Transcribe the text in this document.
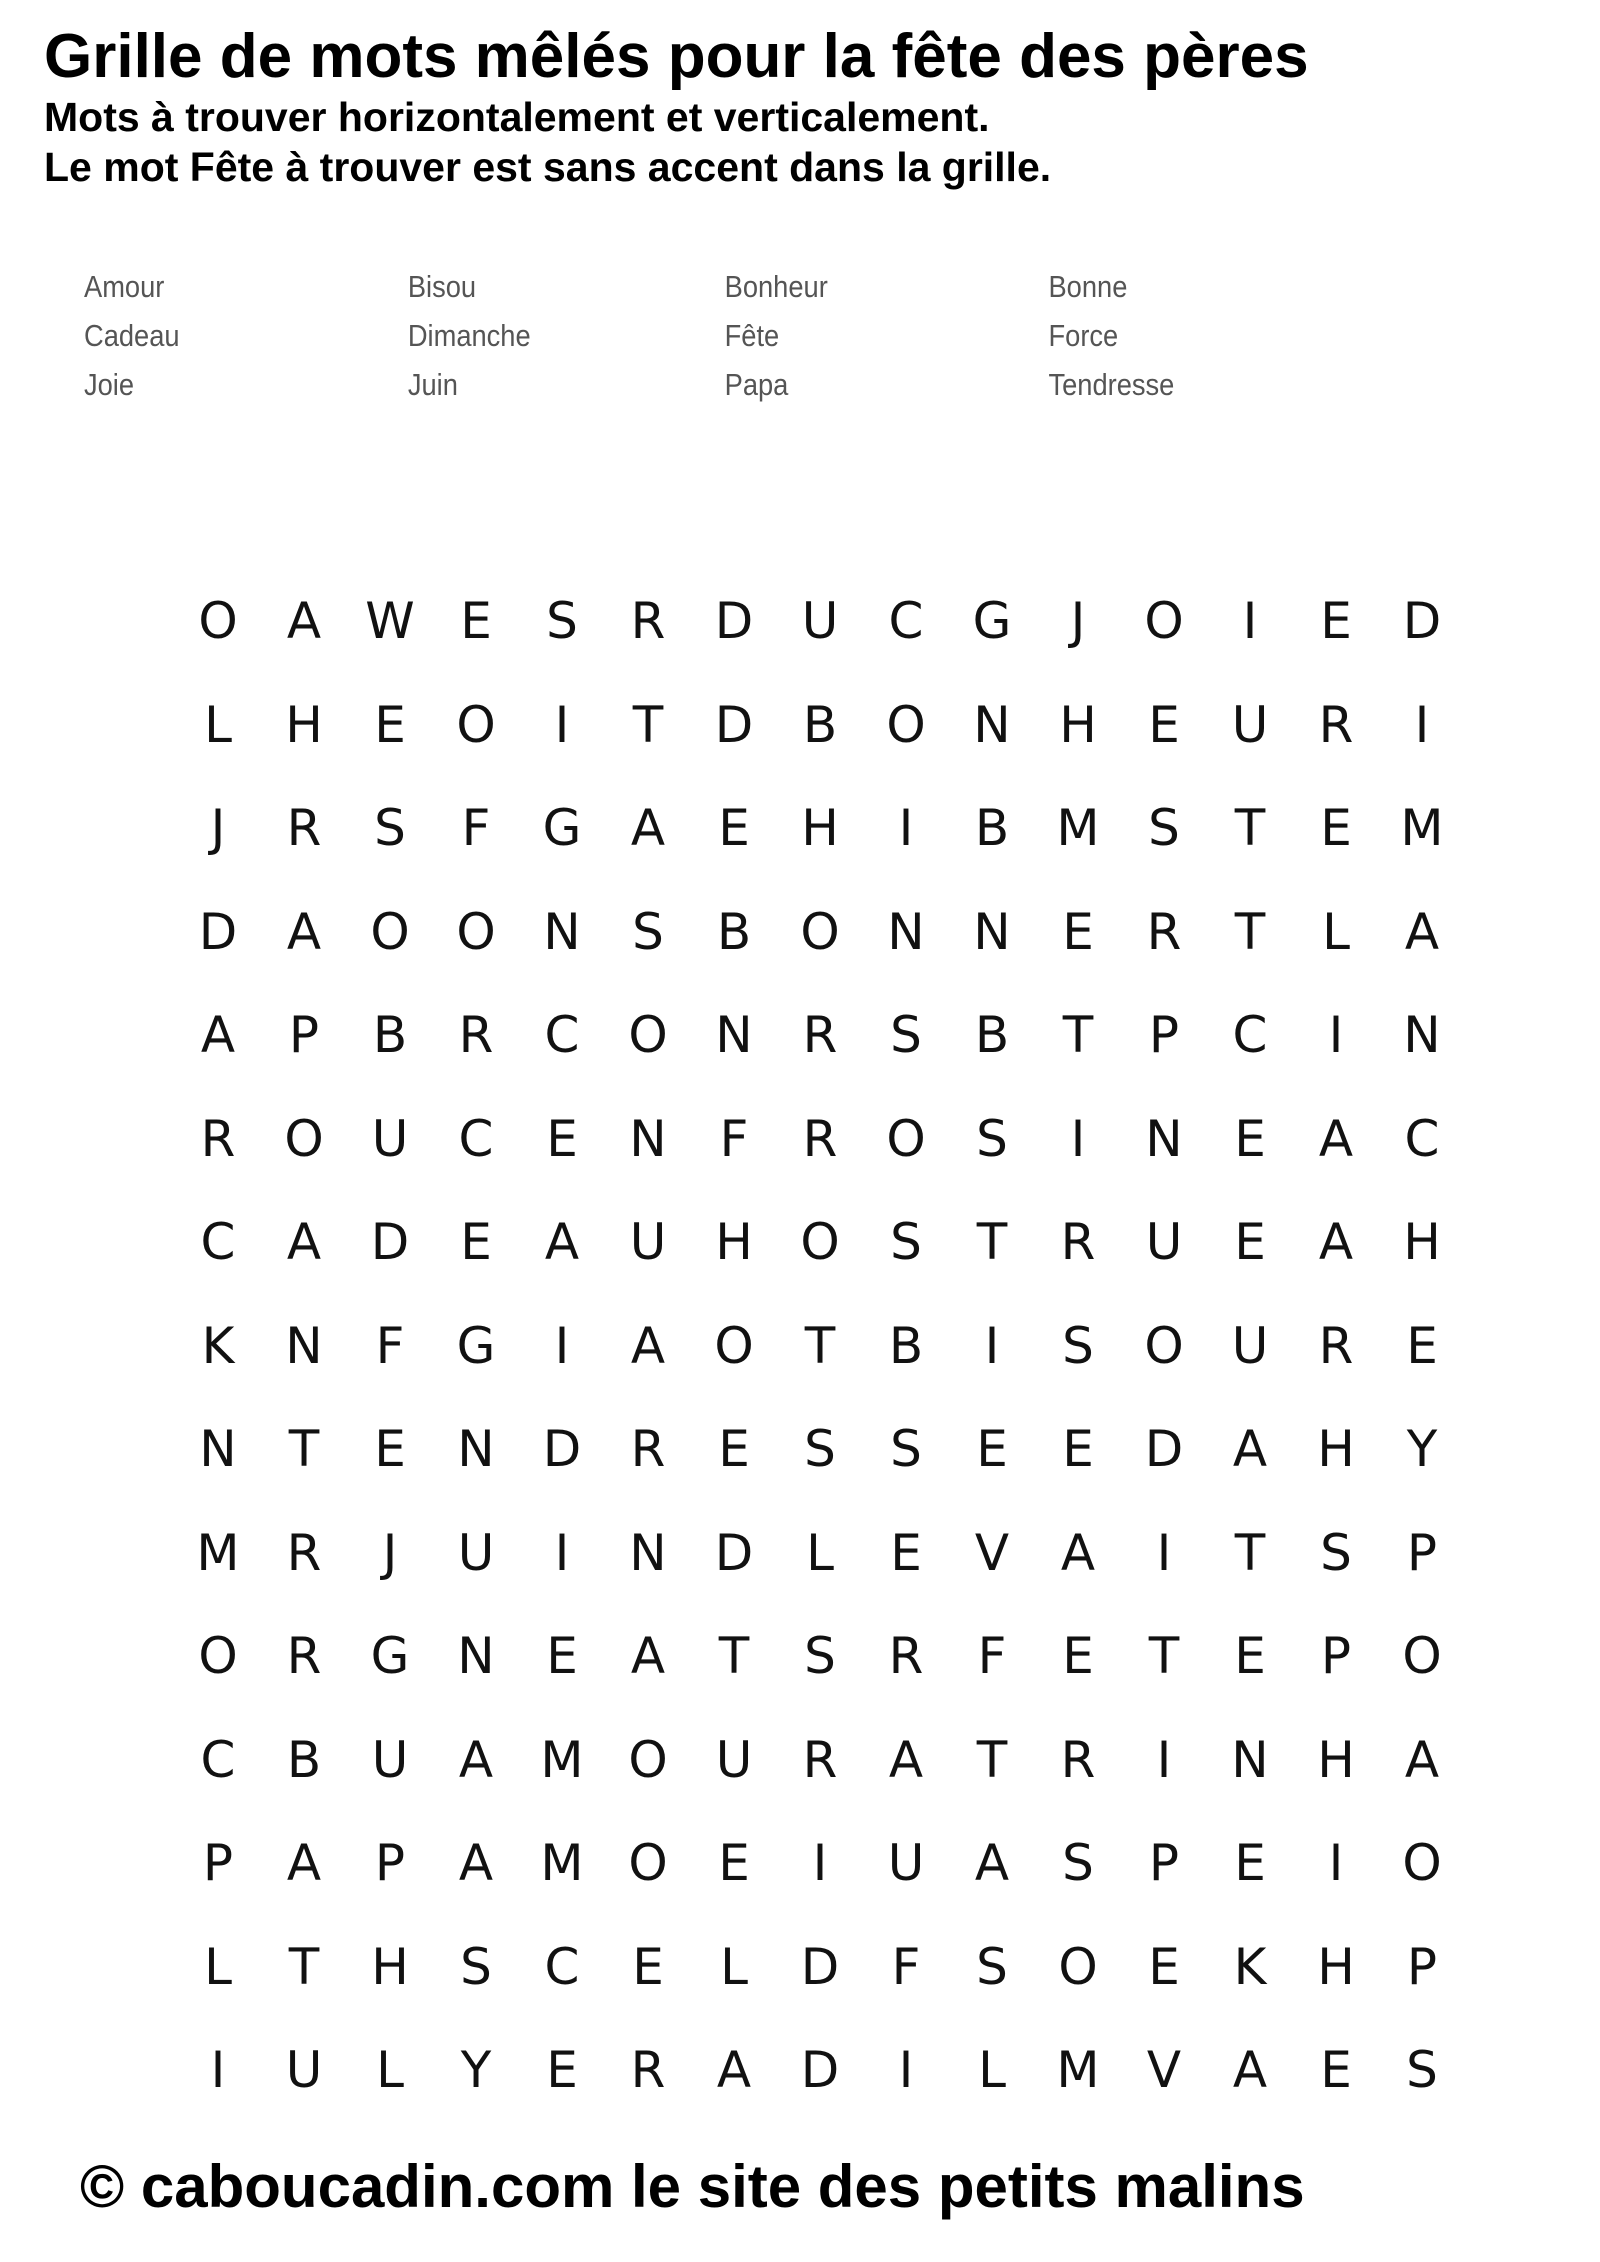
Grille de mots mêlés pour la fête des pères

Mots à trouver horizontalement et verticalement.

Le mot Fête à trouver est sans accent dans la grille.

Amour	Bisou	Bonheur	Bonne
Cadeau	Dimanche	Fête	Force
Joie	Juin	Papa	Tendresse
O A W E	S	R D U	C G	J	O	I	E	D
L	H	E	O	I	T	D B O N H	E	U	R	I
J	R	S	F	G A	E	H	I	B M S	T	E M
D A O O N	S	B O N N	E	R	T	L	A
A	P	B	R	C O N R	S	B	T	P	C	I	N
R O U	C	E	N	F	R O	S	I	N	E	A	C
C	A D	E	A	U H O	S	T	R	U	E	A	H
K	N	F	G	I	A O	T	B	I	S	O U	R	E
N	T	E	N D R	E	S	S	E	E	D A	H	Y
M R	J	U	I	N D	L	E	V	A	I	T	S	P
O R G N	E	A	T	S	R	F	E	T	E	P	O
C	B	U	A M O U	R	A	T	R	I	N H	A
P	A	P	A M O	E	I	U	A	S	P	E	I	O
L	T	H	S	C	E	L	D	F	S	O	E	K	H	P
I	U	L	Y	E	R	A D	I	L	M V	A	E	S
© caboucadin.com le site des petits malins
